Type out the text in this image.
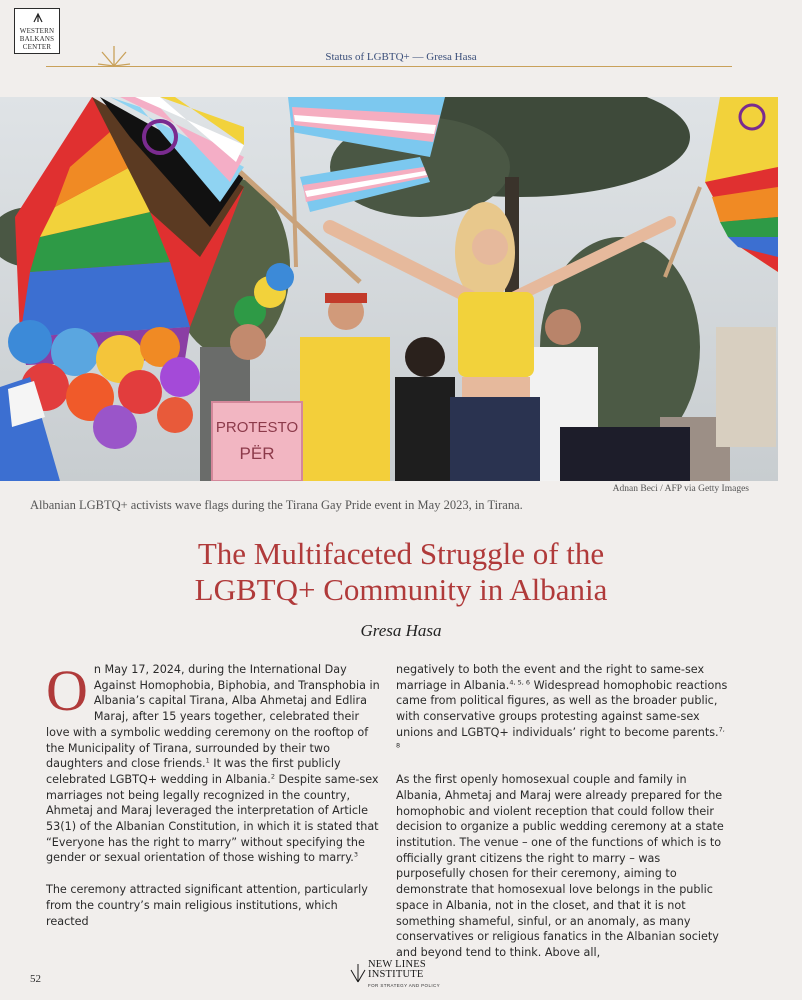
WESTERN
BALKANS
CENTER
Status of LGBTQ+ — Gresa Hasa
PROTESTO
PËR
Adnan Beci / AFP via Getty Images
Albanian LGBTQ+ activists wave flags during the Tirana Gay Pride event in May 2023, in Tirana.
The Multifaceted Struggle of the
LGBTQ+ Community in Albania
Gresa Hasa

On May 17, 2024, during the International Day Against Homophobia, Biphobia, and Transphobia in Albania’s capital Tirana, Alba Ahmetaj and Edlira Maraj, after 15 years together, celebrated their love with a symbolic wedding ceremony on the rooftop of the Municipality of Tirana, surrounded by their two daughters and close friends.$^1$ It was the first publicly celebrated LGBTQ+ wedding in Albania.$^2$ Despite same-sex marriages not being legally recognized in the country, Ahmetaj and Maraj leveraged the interpretation of Article 53(1) of the Albanian Constitution, in which it is stated that “Everyone has the right to marry” without specifying the gender or sexual orientation of those wishing to marry.$^3$

The ceremony attracted significant attention, particularly from the country’s main religious institutions, which reacted

negatively to both the event and the right to same-sex marriage in Albania.$^{4, 5, 6}$ Widespread homophobic reactions came from political figures, as well as the broader public, with conservative groups protesting against same-sex unions and LGBTQ+ individuals’ right to become parents.$^{7, 8}$

As the first openly homosexual couple and family in Albania, Ahmetaj and Maraj were already prepared for the homophobic and violent reception that could follow their decision to organize a public wedding ceremony at a state institution. The venue – one of the functions of which is to officially grant citizens the right to marry – was purposefully chosen for their ceremony, aiming to demonstrate that homosexual love belongs in the public space in Albania, not in the closet, and that it is not something shameful, sinful, or an anomaly, as many conservatives or religious fanatics in the Albanian society and beyond tend to think. Above all,

52
NEW LINES
INSTITUTE
FOR STRATEGY AND POLICY
